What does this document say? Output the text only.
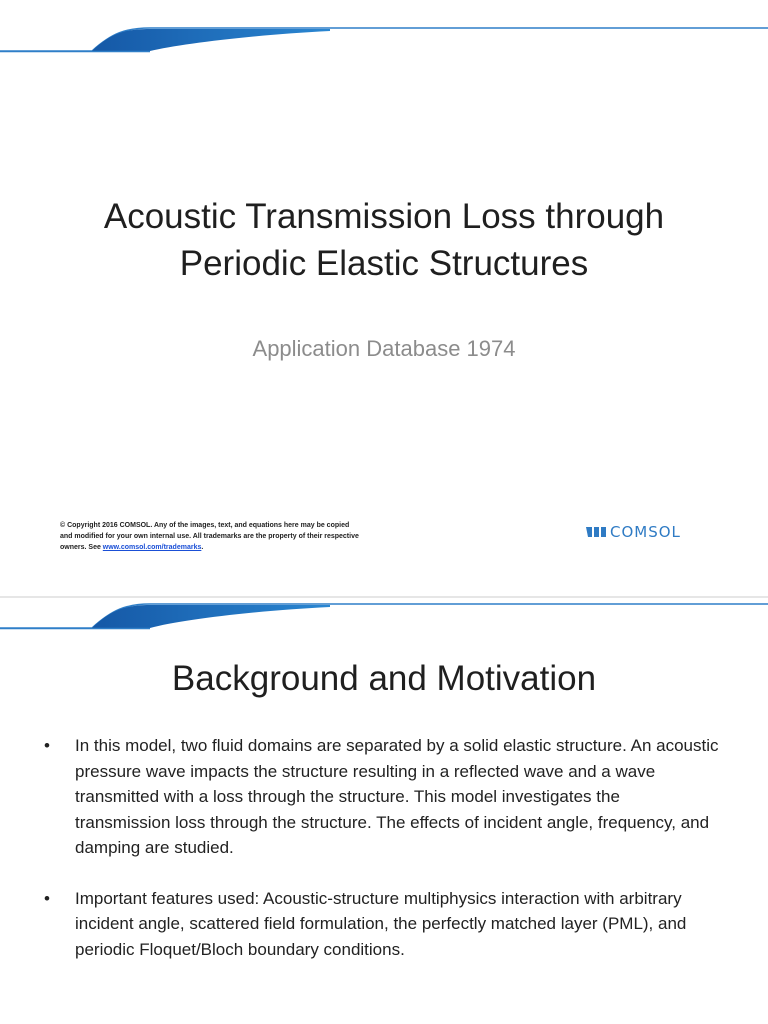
Acoustic Transmission Loss through
Periodic Elastic Structures
Application Database 1974
© Copyright 2016 COMSOL. Any of the images, text, and equations here may be copied and modified for your own internal use. All trademarks are the property of their respective owners. See www.comsol.com/trademarks.
COMSOL
Background and Motivation
• In this model, two fluid domains are separated by a solid elastic structure. An acoustic pressure wave impacts the structure resulting in a reflected wave and a wave transmitted with a loss through the structure. This model investigates the transmission loss through the structure. The effects of incident angle, frequency, and damping are studied.
• Important features used: Acoustic-structure multiphysics interaction with arbitrary incident angle, scattered field formulation, the perfectly matched layer (PML), and periodic Floquet/Bloch boundary conditions.
